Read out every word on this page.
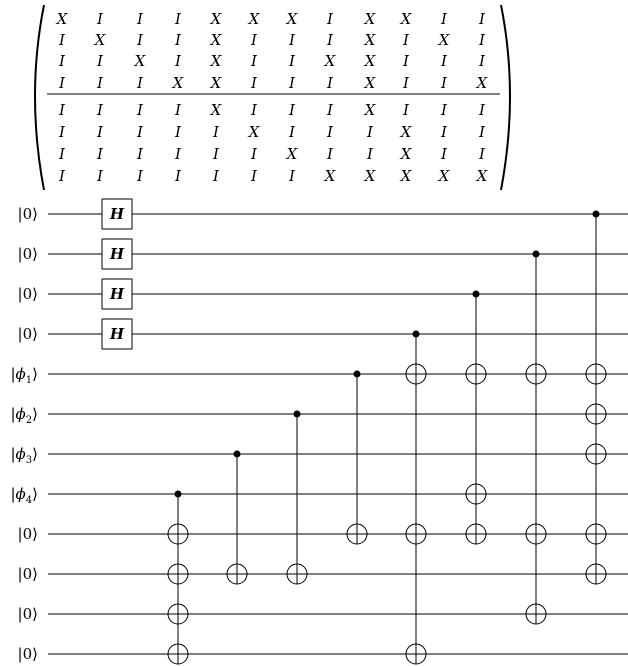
X I I I X X X I X X I I
I X I I X I I I X I X I
I I X I X I I X X I I I
I I I X X I I I X I I X
I I I I X I I I X I I I
I I I I I X I I I X I I
I I I I I I X I I X I I
I I I I I I I X X X X X
|0⟩
|0⟩
|0⟩
|0⟩
$|\phi_1⟩$
$|\phi_2⟩$
$|\phi_3⟩$
$|\phi_4⟩$
|0⟩
|0⟩
|0⟩
|0⟩
H
H
H
H
